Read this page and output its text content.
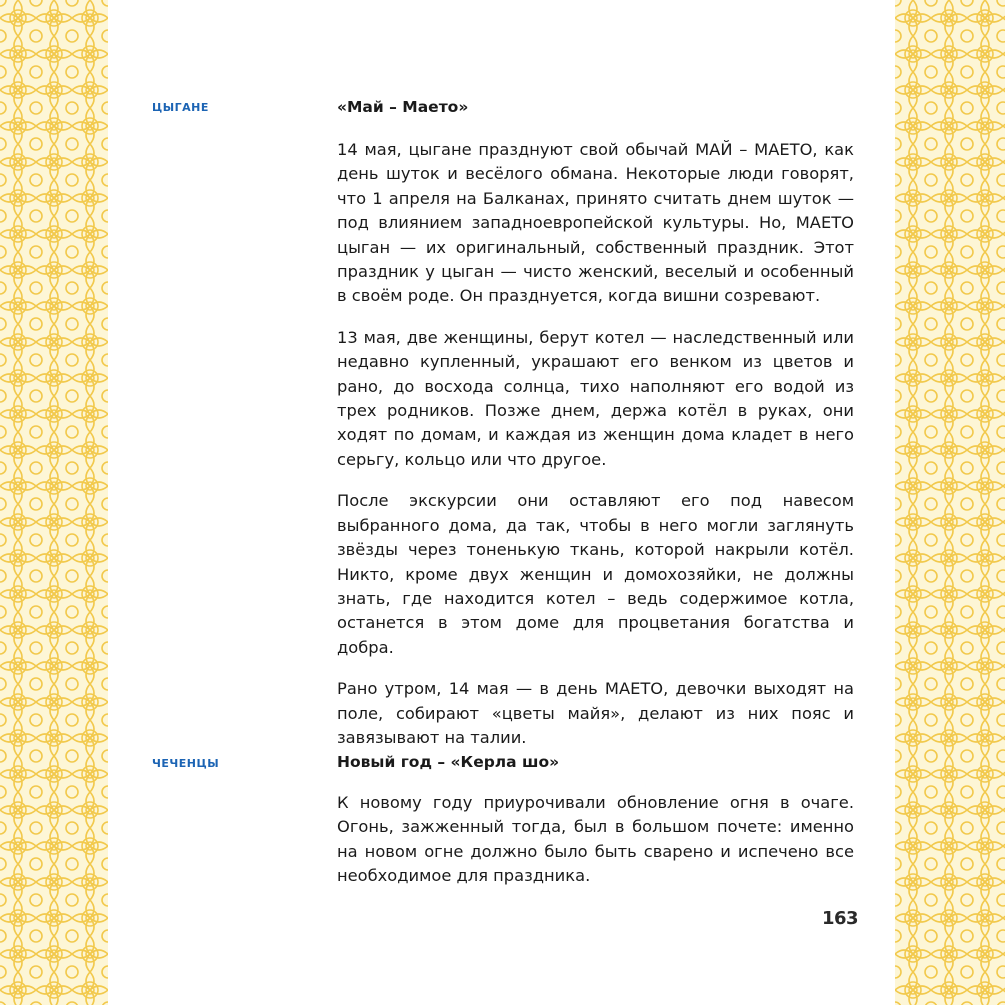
цыгане	«Май – Маето»

14 мая, цыгане празднуют свой обычай МАЙ – МАЕТО, как день шуток и весёлого обмана. Некоторые люди говорят, что 1 апреля на Балканах, принято считать днем шуток — под влиянием западноевропейской культуры. Но, МАЕТО цыган — их оригинальный, собственный праздник. Этот праздник у цыган — чисто женский, веселый и особенный в своём роде. Он празднуется, когда вишни созревают.

13 мая, две женщины, берут котел — наследственный или недавно купленный, украшают его венком из цветов и рано, до восхода солнца, тихо наполняют его водой из трех родников. Позже днем, держа котёл в руках, они ходят по домам, и каждая из женщин дома кладет в него серьгу, кольцо или что другое.

После экскурсии они оставляют его под навесом выбранного дома, да так, чтобы в него могли заглянуть звёзды через тоненькую ткань, которой накрыли котёл. Никто, кроме двух женщин и домохозяйки, не должны знать, где находится котел – ведь содержимое котла, останется в этом доме для процветания богатства и добра.

Рано утром, 14 мая — в день МАЕТО, девочки выходят на поле, собирают «цветы майя», делают из них пояс и завязывают на талии.

чеченцы	Новый год – «Керла шо»

К новому году приурочивали обновление огня в очаге. Огонь, зажженный тогда, был в большом почете: именно на новом огне должно было быть сварено и испечено все необходимое для праздника.

163
